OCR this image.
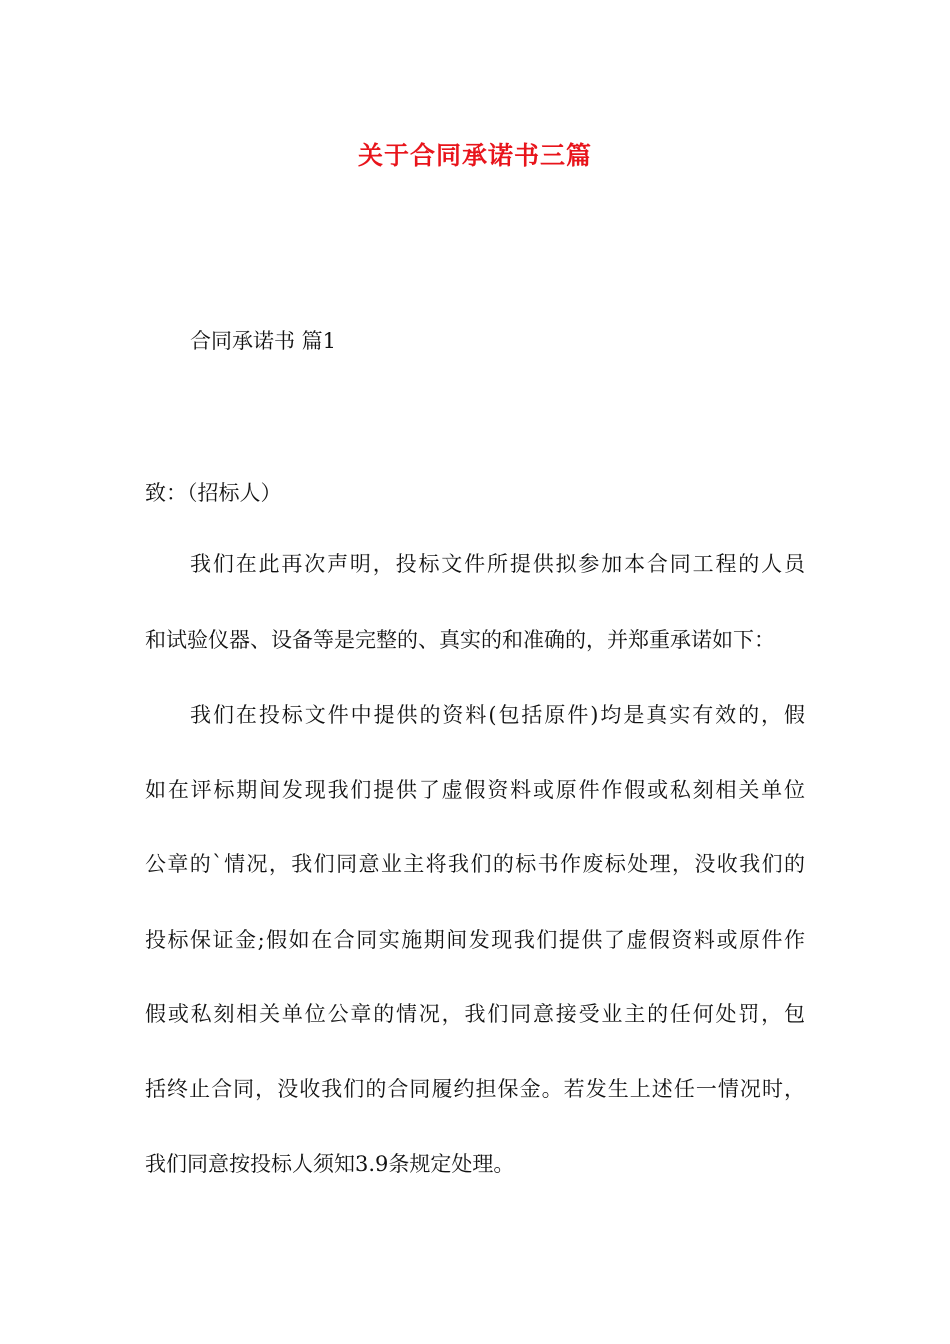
关于合同承诺书三篇
合同承诺书 篇1
致：（招标人）
我们在此再次声明，投标文件所提供拟参加本合同工程的人员
和试验仪器、设备等是完整的、真实的和准确的，并郑重承诺如下：
我们在投标文件中提供的资料(包括原件)均是真实有效的，假
如在评标期间发现我们提供了虚假资料或原件作假或私刻相关单位
公章的`情况，我们同意业主将我们的标书作废标处理，没收我们的
投标保证金;假如在合同实施期间发现我们提供了虚假资料或原件作
假或私刻相关单位公章的情况，我们同意接受业主的任何处罚，包
括终止合同，没收我们的合同履约担保金。若发生上述任一情况时，
我们同意按投标人须知3.9条规定处理。
